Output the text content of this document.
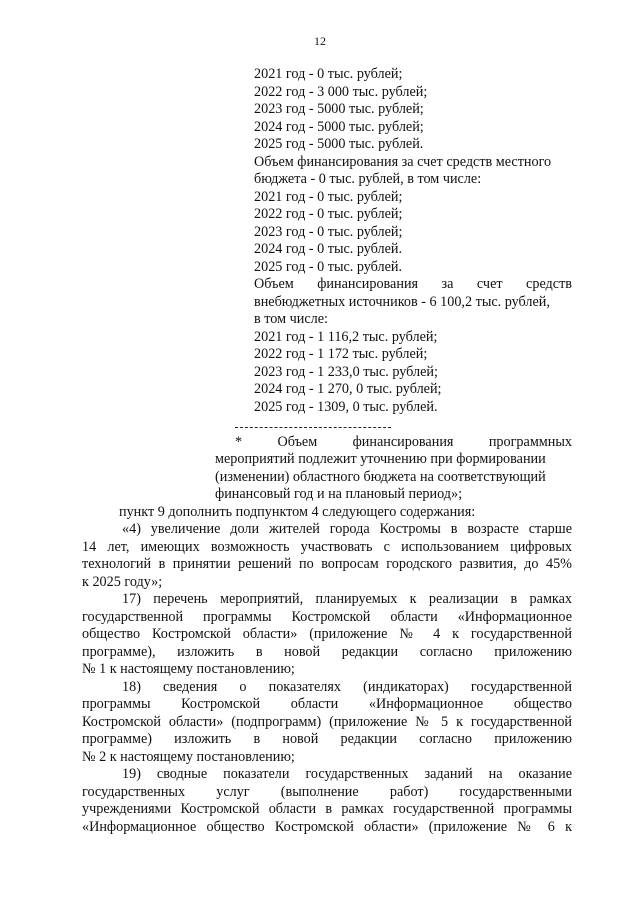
12
2021 год - 0 тыс. рублей;
2022 год - 3 000 тыс. рублей;
2023 год - 5000 тыс. рублей;
2024 год - 5000 тыс. рублей;
2025 год - 5000 тыс. рублей.
Объем финансирования за счет средств местного
бюджета - 0 тыс. рублей, в том числе:
2021 год - 0 тыс. рублей;
2022 год - 0 тыс. рублей;
2023 год - 0 тыс. рублей;
2024 год - 0 тыс. рублей.
2025 год - 0 тыс. рублей.
Объем финансирования за счет средств
внебюджетных источников - 6 100,2 тыс. рублей,
в том числе:
2021 год - 1 116,2 тыс. рублей;
2022 год - 1 172 тыс. рублей;
2023 год - 1 233,0 тыс. рублей;
2024 год - 1 270, 0 тыс. рублей;
2025 год - 1309, 0 тыс. рублей.
* Объем финансирования программных
мероприятий подлежит уточнению при формировании
(изменении) областного бюджета на соответствующий
финансовый год и на плановый период»;
пункт 9 дополнить подпунктом 4 следующего содержания:
«4) увеличение доли жителей города Костромы в возрасте старше
14 лет, имеющих возможность участвовать с использованием цифровых
технологий в принятии решений по вопросам городского развития, до 45%
к 2025 году»;
17) перечень мероприятий, планируемых к реализации в рамках
государственной программы Костромской области «Информационное
общество Костромской области» (приложение № 4 к государственной
программе), изложить в новой редакции согласно приложению
№ 1 к настоящему постановлению;
18) сведения о показателях (индикаторах) государственной
программы Костромской области «Информационное общество
Костромской области» (подпрограмм) (приложение № 5 к государственной
программе) изложить в новой редакции согласно приложению
№ 2 к настоящему постановлению;
19) сводные показатели государственных заданий на оказание
государственных услуг (выполнение работ) государственными
учреждениями Костромской области в рамках государственной программы
«Информационное общество Костромской области» (приложение № 6 к
